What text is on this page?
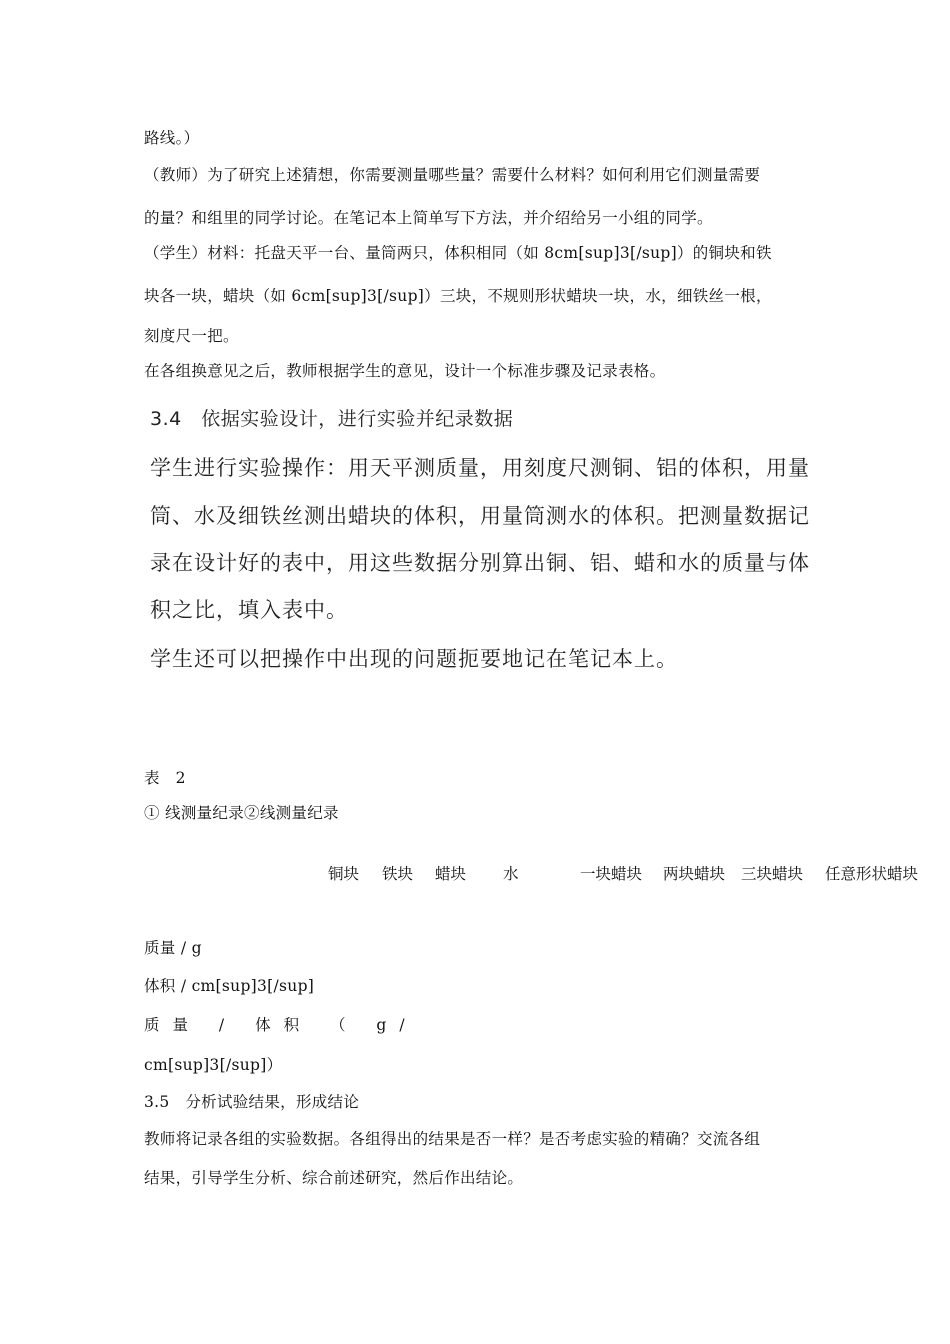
路线。）
（教师）为了研究上述猜想，你需要测量哪些量？需要什么材料？如何利用它们测量需要
的量？和组里的同学讨论。在笔记本上简单写下方法，并介绍给另一小组的同学。
（学生）材料：托盘天平一台、量筒两只，体积相同（如 8cm[sup]3[/sup]）的铜块和铁
块各一块，蜡块（如 6cm[sup]3[/sup]）三块，不规则形状蜡块一块，水，细铁丝一根，
刻度尺一把。
在各组换意见之后，教师根据学生的意见，设计一个标准步骤及记录表格。
3.4　依据实验设计，进行实验并纪录数据
学生进行实验操作：用天平测质量，用刻度尺测铜、铝的体积，用量
筒、水及细铁丝测出蜡块的体积，用量筒测水的体积。把测量数据记
录在设计好的表中，用这些数据分别算出铜、铝、蜡和水的质量与体
积之比，填入表中。
学生还可以把操作中出现的问题扼要地记在笔记本上。
表　2
① 线测量纪录②线测量纪录
铜块 铁块 蜡块 水	一块蜡块 两块蜡块 三块蜡块 任意形状蜡块
质量 / g
体积 / cm[sup]3[/sup]
质量 / 体积 （ g/
cm[sup]3[/sup]）
3.5　分析试验结果，形成结论
教师将记录各组的实验数据。各组得出的结果是否一样？是否考虑实验的精确？交流各组
结果，引导学生分析、综合前述研究，然后作出结论。
